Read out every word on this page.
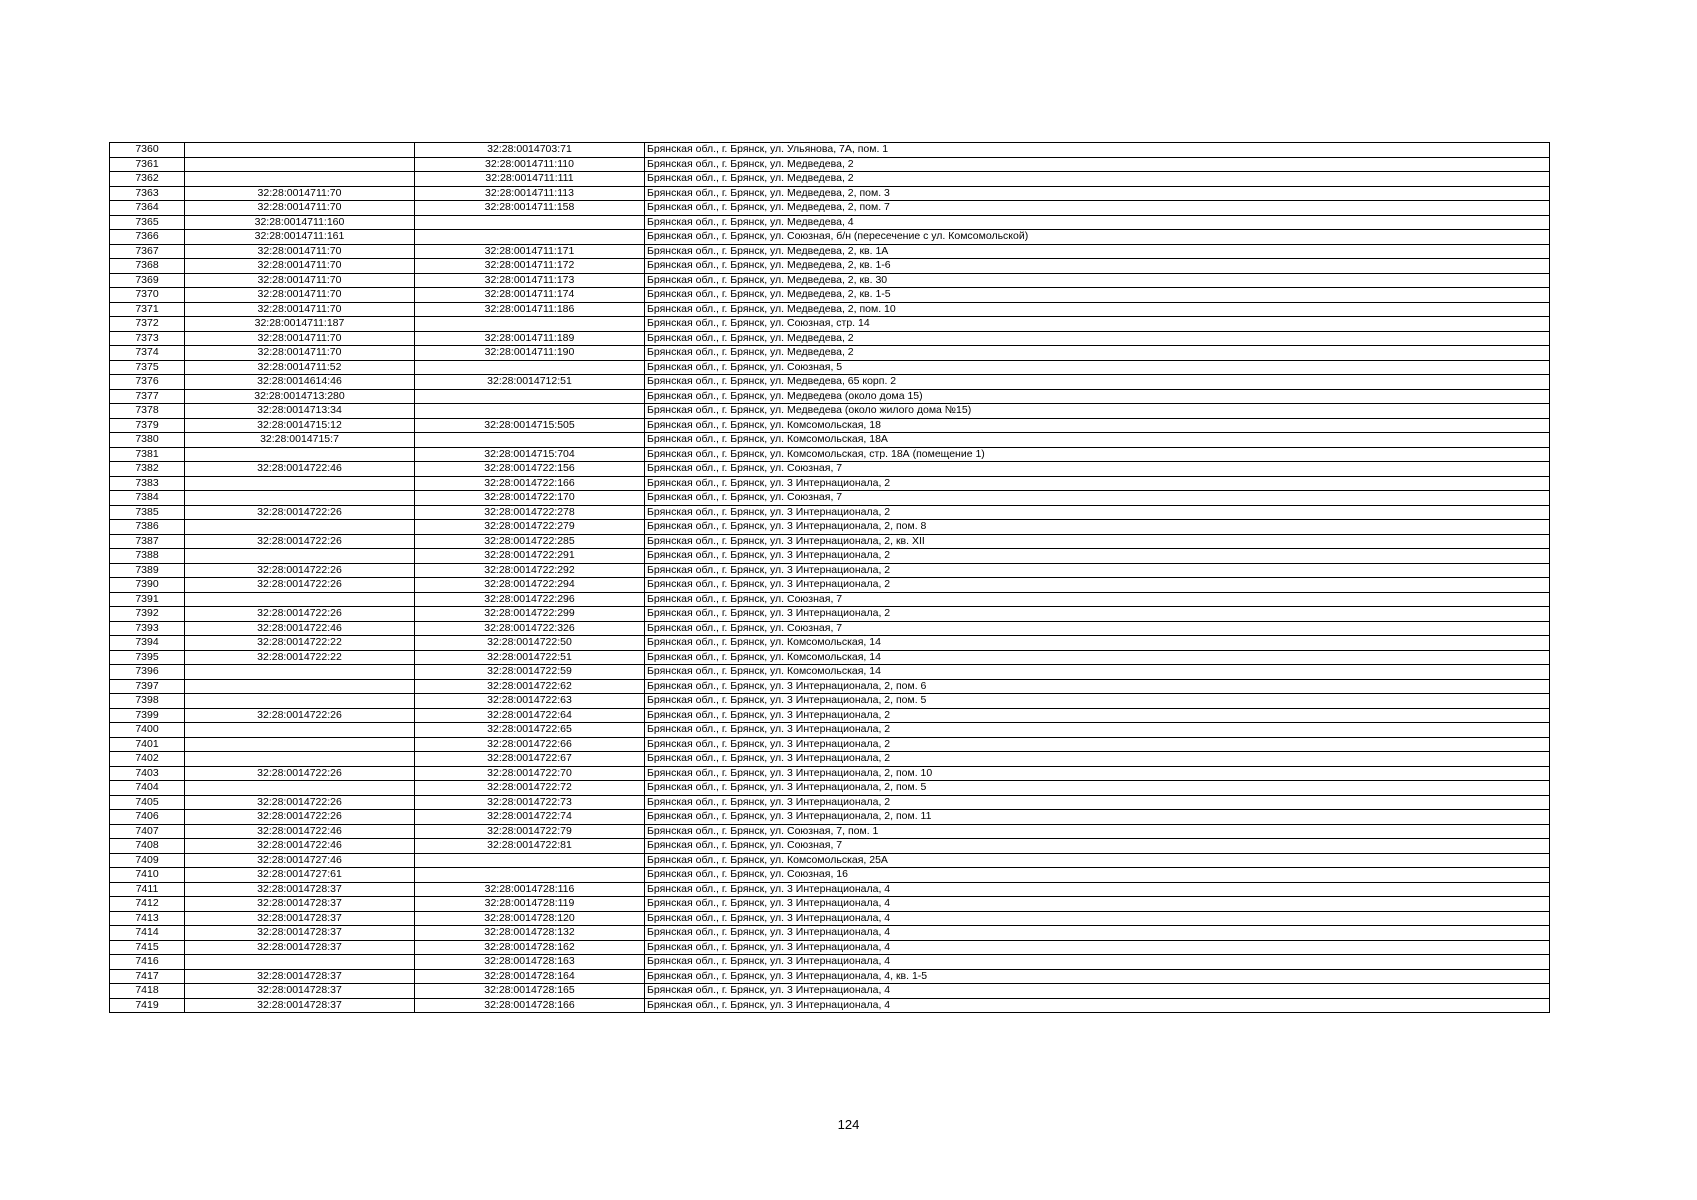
7360		32:28:0014703:71	Брянская обл., г. Брянск, ул. Ульянова, 7А, пом. 1
7361		32:28:0014711:110	Брянская обл., г. Брянск, ул. Медведева, 2
7362		32:28:0014711:111	Брянская обл., г. Брянск, ул. Медведева, 2
7363	32:28:0014711:70	32:28:0014711:113	Брянская обл., г. Брянск, ул. Медведева, 2, пом. 3
7364	32:28:0014711:70	32:28:0014711:158	Брянская обл., г. Брянск, ул. Медведева, 2, пом. 7
7365	32:28:0014711:160		Брянская обл., г. Брянск, ул. Медведева, 4
7366	32:28:0014711:161		Брянская обл., г. Брянск, ул. Союзная, б/н (пересечение с ул. Комсомольской)
7367	32:28:0014711:70	32:28:0014711:171	Брянская обл., г. Брянск, ул. Медведева, 2, кв. 1А
7368	32:28:0014711:70	32:28:0014711:172	Брянская обл., г. Брянск, ул. Медведева, 2, кв. 1-6
7369	32:28:0014711:70	32:28:0014711:173	Брянская обл., г. Брянск, ул. Медведева, 2, кв. 30
7370	32:28:0014711:70	32:28:0014711:174	Брянская обл., г. Брянск, ул. Медведева, 2, кв. 1-5
7371	32:28:0014711:70	32:28:0014711:186	Брянская обл., г. Брянск, ул. Медведева, 2, пом. 10
7372	32:28:0014711:187		Брянская обл., г. Брянск, ул. Союзная, стр. 14
7373	32:28:0014711:70	32:28:0014711:189	Брянская обл., г. Брянск, ул. Медведева, 2
7374	32:28:0014711:70	32:28:0014711:190	Брянская обл., г. Брянск, ул. Медведева, 2
7375	32:28:0014711:52		Брянская обл., г. Брянск, ул. Союзная, 5
7376	32:28:0014614:46	32:28:0014712:51	Брянская обл., г. Брянск, ул. Медведева, 65 корп. 2
7377	32:28:0014713:280		Брянская обл., г. Брянск, ул. Медведева (около дома 15)
7378	32:28:0014713:34		Брянская обл., г. Брянск, ул. Медведева (около жилого дома №15)
7379	32:28:0014715:12	32:28:0014715:505	Брянская обл., г. Брянск, ул. Комсомольская, 18
7380	32:28:0014715:7		Брянская обл., г. Брянск, ул. Комсомольская, 18А
7381		32:28:0014715:704	Брянская обл., г. Брянск, ул. Комсомольская, стр. 18А (помещение 1)
7382	32:28:0014722:46	32:28:0014722:156	Брянская обл., г. Брянск, ул. Союзная, 7
7383		32:28:0014722:166	Брянская обл., г. Брянск, ул. 3 Интернационала, 2
7384		32:28:0014722:170	Брянская обл., г. Брянск, ул. Союзная, 7
7385	32:28:0014722:26	32:28:0014722:278	Брянская обл., г. Брянск, ул. 3 Интернационала, 2
7386		32:28:0014722:279	Брянская обл., г. Брянск, ул. 3 Интернационала, 2, пом. 8
7387	32:28:0014722:26	32:28:0014722:285	Брянская обл., г. Брянск, ул. 3 Интернационала, 2, кв. XII
7388		32:28:0014722:291	Брянская обл., г. Брянск, ул. 3 Интернационала, 2
7389	32:28:0014722:26	32:28:0014722:292	Брянская обл., г. Брянск, ул. 3 Интернационала, 2
7390	32:28:0014722:26	32:28:0014722:294	Брянская обл., г. Брянск, ул. 3 Интернационала, 2
7391		32:28:0014722:296	Брянская обл., г. Брянск, ул. Союзная, 7
7392	32:28:0014722:26	32:28:0014722:299	Брянская обл., г. Брянск, ул. 3 Интернационала, 2
7393	32:28:0014722:46	32:28:0014722:326	Брянская обл., г. Брянск, ул. Союзная, 7
7394	32:28:0014722:22	32:28:0014722:50	Брянская обл., г. Брянск, ул. Комсомольская, 14
7395	32:28:0014722:22	32:28:0014722:51	Брянская обл., г. Брянск, ул. Комсомольская, 14
7396		32:28:0014722:59	Брянская обл., г. Брянск, ул. Комсомольская, 14
7397		32:28:0014722:62	Брянская обл., г. Брянск, ул. 3 Интернационала, 2, пом. 6
7398		32:28:0014722:63	Брянская обл., г. Брянск, ул. 3 Интернационала, 2, пом. 5
7399	32:28:0014722:26	32:28:0014722:64	Брянская обл., г. Брянск, ул. 3 Интернационала, 2
7400		32:28:0014722:65	Брянская обл., г. Брянск, ул. 3 Интернационала, 2
7401		32:28:0014722:66	Брянская обл., г. Брянск, ул. 3 Интернационала, 2
7402		32:28:0014722:67	Брянская обл., г. Брянск, ул. 3 Интернационала, 2
7403	32:28:0014722:26	32:28:0014722:70	Брянская обл., г. Брянск, ул. 3 Интернационала, 2, пом. 10
7404		32:28:0014722:72	Брянская обл., г. Брянск, ул. 3 Интернационала, 2, пом. 5
7405	32:28:0014722:26	32:28:0014722:73	Брянская обл., г. Брянск, ул. 3 Интернационала, 2
7406	32:28:0014722:26	32:28:0014722:74	Брянская обл., г. Брянск, ул. 3 Интернационала, 2, пом. 11
7407	32:28:0014722:46	32:28:0014722:79	Брянская обл., г. Брянск, ул. Союзная, 7, пом. 1
7408	32:28:0014722:46	32:28:0014722:81	Брянская обл., г. Брянск, ул. Союзная, 7
7409	32:28:0014727:46		Брянская обл., г. Брянск, ул. Комсомольская, 25А
7410	32:28:0014727:61		Брянская обл., г. Брянск, ул. Союзная, 16
7411	32:28:0014728:37	32:28:0014728:116	Брянская обл., г. Брянск, ул. 3 Интернационала, 4
7412	32:28:0014728:37	32:28:0014728:119	Брянская обл., г. Брянск, ул. 3 Интернационала, 4
7413	32:28:0014728:37	32:28:0014728:120	Брянская обл., г. Брянск, ул. 3 Интернационала, 4
7414	32:28:0014728:37	32:28:0014728:132	Брянская обл., г. Брянск, ул. 3 Интернационала, 4
7415	32:28:0014728:37	32:28:0014728:162	Брянская обл., г. Брянск, ул. 3 Интернационала, 4
7416		32:28:0014728:163	Брянская обл., г. Брянск, ул. 3 Интернационала, 4
7417	32:28:0014728:37	32:28:0014728:164	Брянская обл., г. Брянск, ул. 3 Интернационала, 4, кв. 1-5
7418	32:28:0014728:37	32:28:0014728:165	Брянская обл., г. Брянск, ул. 3 Интернационала, 4
7419	32:28:0014728:37	32:28:0014728:166	Брянская обл., г. Брянск, ул. 3 Интернационала, 4
124
